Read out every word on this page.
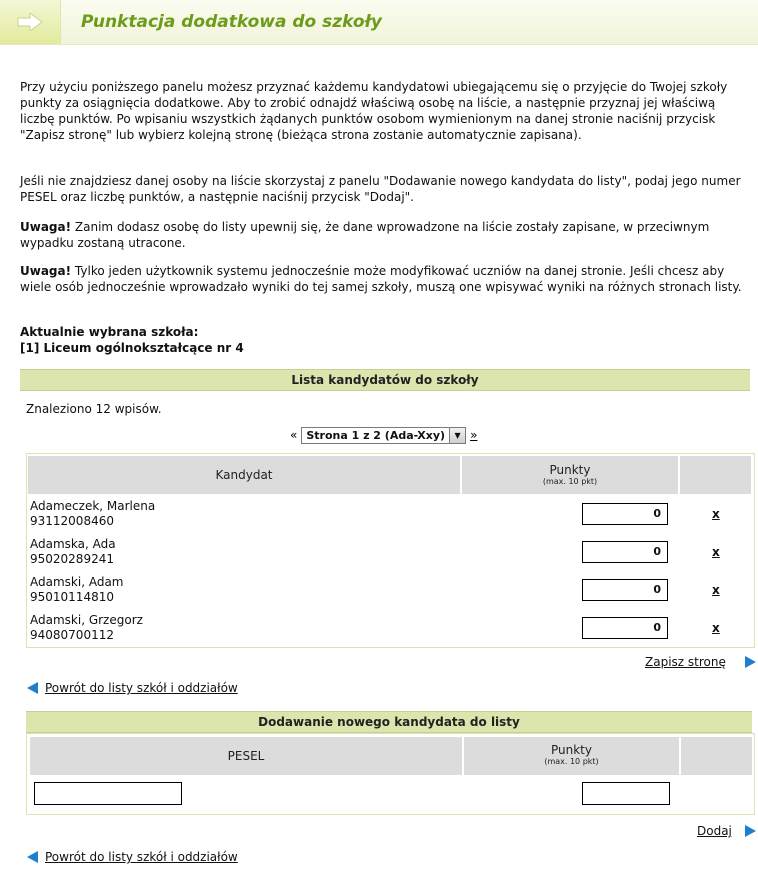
Punktacja dodatkowa do szkoły

Przy użyciu poniższego panelu możesz przyznać każdemu kandydatowi ubiegającemu się o przyjęcie do Twojej szkoły punkty za osiągnięcia dodatkowe. Aby to zrobić odnajdź właściwą osobę na liście, a następnie przyznaj jej właściwą liczbę punktów. Po wpisaniu wszystkich żądanych punktów osobom wymienionym na danej stronie naciśnij przycisk "Zapisz stronę" lub wybierz kolejną stronę (bieżąca strona zostanie automatycznie zapisana).

Jeśli nie znajdziesz danej osoby na liście skorzystaj z panelu "Dodawanie nowego kandydata do listy", podaj jego numer PESEL oraz liczbę punktów, a następnie naciśnij przycisk "Dodaj".

Uwaga! Zanim dodasz osobę do listy upewnij się, że dane wprowadzone na liście zostały zapisane, w przeciwnym wypadku zostaną utracone.

Uwaga! Tylko jeden użytkownik systemu jednocześnie może modyfikować uczniów na danej stronie. Jeśli chcesz aby wiele osób jednocześnie wprowadzało wyniki do tej samej szkoły, muszą one wpisywać wyniki na różnych stronach listy.

Aktualnie wybrana szkoła:
[1] Liceum ogólnokształcące nr 4
Lista kandydatów do szkoły
Znaleziono 12 wpisów.
« Strona 1 z 2 (Ada-Xxy)	▼ »
Kandydat	Punkty
(max. 10 pkt)
Adameczek, Marlena
93112008460
0	x
Adamska, Ada
95020289241
0	x
Adamski, Adam
95010114810
0	x
Adamski, Grzegorz
94080700112
0	x
Zapisz stronę
Powrót do listy szkół i oddziałów
Dodawanie nowego kandydata do listy
PESEL	Punkty
(max. 10 pkt)
Dodaj
Powrót do listy szkół i oddziałów
